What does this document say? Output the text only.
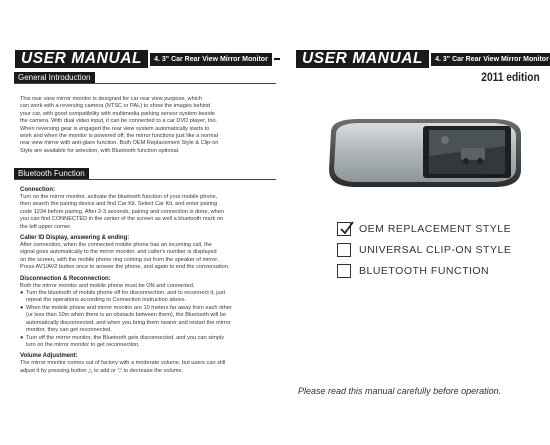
USER MANUAL	4. 3" Car Rear View Mirror Monitor	USER MANUAL	4. 3" Car Rear View Mirror Monitor
2011 edition
General Introduction
This rear view mirror monitor is designed for car rear view purpose, which
can work with a reversing camera (NTSC or PAL) to show the images behind
your car, with good compatibility with multimedia parking sensor system beside
the camera. With dual video input, it can be connected to a car DVD player, too.
When reversing gear is engaged the rear view system automatically starts to
work and when the monitor is powered off, the mirror functions just like a normal
rear view mirror with anti-glare function. Both OEM Replacement Style & Clip-on
Style are available for selection, with Bluetooth function optional.
Bluetooth Function
Connection:
Turn on the mirror monitor, activate the bluetooth function of your mobile phone,
then search the pairing device and find Car Kit. Select Car Kit, and enter pairing
code 1234 before pairing. After 2-3 seconds, pairing and connection is done, when
you can find CONNECTED in the center of the screen as well a bluetooth mark on
the left upper corner.
Caller ID Display, answering & ending:
After connection, when the connected mobile phone has an incoming call, the
signal goes automatically to the mirror monitor, and caller's number is displayed
on the screen, with the mobile phone ring coming out from the speaker of mirror.
Press AV1/AV2 button once to answer the phone, and again to end the conversation.
Disconnection & Reconnection:
Both the mirror monitor and mobile phone must be ON and connected.
● Turn the bluetooth of mobile phone off for disconnection, and to reconnect it, just
repeat the operations according to Connection instruction above.
● When the mobile phone and mirror monitor are 10 meters far away from each other
(or less than 10m when there is an obstacle between them), the Bluetooth will be
automatically disconnected, and when you bring them nearer and restart the mirror
monitor, they can get reconnected.
● Turn off the mirror monitor, the Bluetooth gets disconnected, and you can simply
turn on the mirror monitor to get reconnection.
Volume Adjustment:
The mirror monitor comes out of factory with a moderate volume, but users can still
adjust it by pressing button △ to add or ▽ to decrease the volume.
OEM REPLACEMENT STYLE
UNIVERSAL CLIP-ON STYLE
BLUETOOTH FUNCTION
Please read this manual carefully before operation.
